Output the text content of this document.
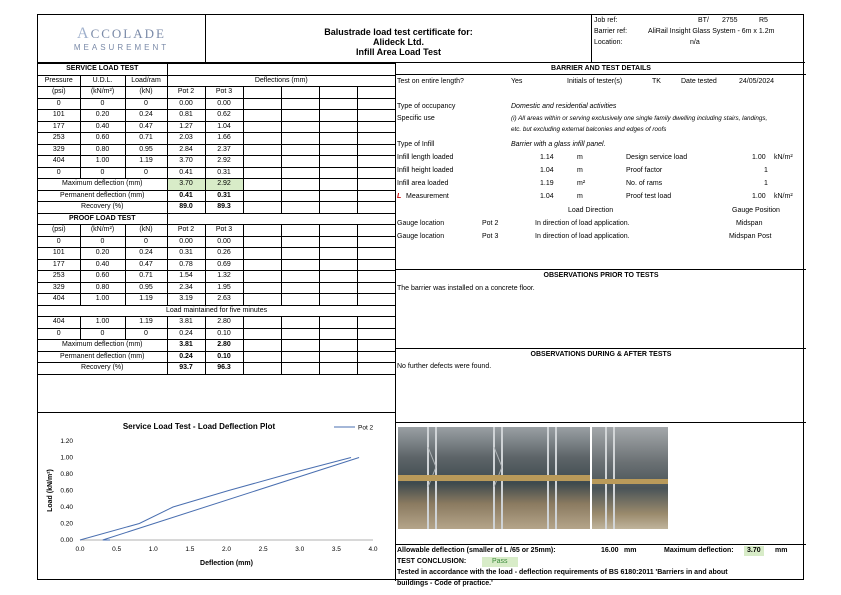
ACCOLADE
MEASUREMENT
Balustrade load test certificate for:
Alideck Ltd.
Infill Area Load Test
Job ref:	BT/ 2755	R5
Barrier ref:	AliRail Insight Glass System - 6m x 1.2m
Location:	n/a
SERVICE LOAD TEST								
Pressure	U.D.L.	Load/ram	Deflections (mm)					
(psi)	(kN/m²)	(kN)	Pot 2	Pot 3				
0	0	0	0.00	0.00				
101	0.20	0.24	0.81	0.62				
177	0.40	0.47	1.27	1.04				
253	0.60	0.71	2.03	1.66				
329	0.80	0.95	2.84	2.37				
404	1.00	1.19	3.70	2.92				
0	0	0	0.41	0.31				
Maximum deflection (mm)			3.70	2.92				
Permanent deflection (mm)			0.41	0.31				
Recovery (%)			89.0	89.3				
PROOF LOAD TEST								
(psi)	(kN/m²)	(kN)	Pot 2	Pot 3				
0	0	0	0.00	0.00				
101	0.20	0.24	0.31	0.26				
177	0.40	0.47	0.78	0.69				
253	0.60	0.71	1.54	1.32				
329	0.80	0.95	2.34	1.95				
404	1.00	1.19	3.19	2.63				
Load maintained for five minutes								
404	1.00	1.19	3.81	2.80				
0	0	0	0.24	0.10				
Maximum deflection (mm)			3.81	2.80				
Permanent deflection (mm)			0.24	0.10				
Recovery (%)			93.7	96.3				
Service Load Test - Load Deflection Plot
0.0	0.5	1.0	1.5	2.0	2.5	3.0	3.5	4.0
0.00
0.20
0.40
0.60
0.80
1.00
1.20
Deflection (mm)
Load (kN/m²)
Pot 2
BARRIER AND TEST DETAILS
Test on entire length?	Yes	Initials of tester(s)	TK	Date tested	24/05/2024
Type of occupancy	Domestic and residential activities
Specific use	(i) All areas within or serving exclusively one single family dwelling including stairs, landings,
etc. but excluding external balconies and edges of roofs
Type of Infill	Barrier with a glass infill panel.
Infill length loaded	1.14	m	Design service load	1.00 kN/m²
Infill height loaded	1.04	m	Proof factor	1
Infill area loaded	1.19	m²	No. of rams	1
L Measurement	1.04	m	Proof test load	1.00 kN/m²
Load Direction	Gauge Position
Gauge location	Pot 2	In direction of load application.	Midspan
Gauge location	Pot 3	In direction of load application.	Midspan Post
OBSERVATIONS PRIOR TO TESTS
The barrier was installed on a concrete floor.
OBSERVATIONS DURING & AFTER TESTS
No further defects were found.
Allowable deflection (smaller of L /65 or 25mm):	16.00 mm	Maximum deflection:	3.70	mm
TEST CONCLUSION:	Pass
Tested in accordance with the load - deflection requirements of BS 6180:2011 'Barriers in and about
buildings - Code of practice.'
